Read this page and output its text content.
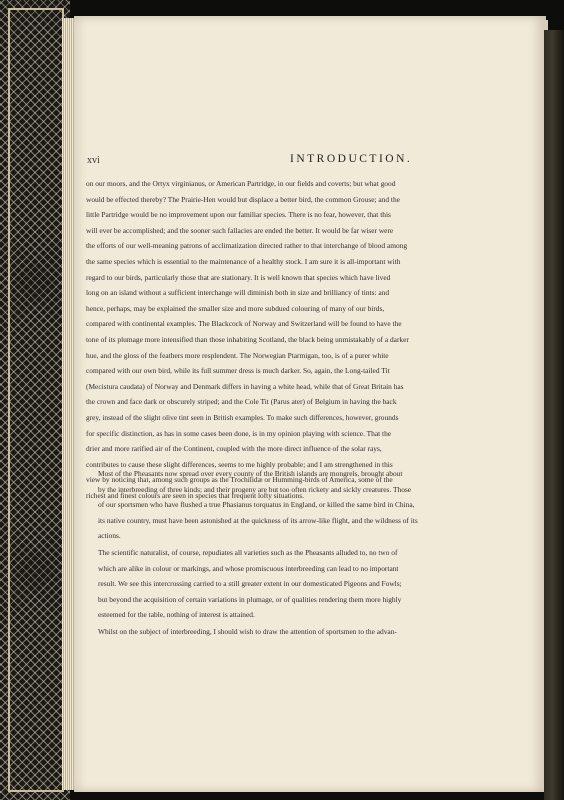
xvi	INTRODUCTION.
on our moors, and the Ortyx virginianus, or American Partridge, in our fields and coverts; but what good
would be effected thereby? The Prairie-Hen would but displace a better bird, the common Grouse; and the
little Partridge would be no improvement upon our familiar species. There is no fear, however, that this
will ever be accomplished; and the sooner such fallacies are ended the better. It would be far wiser were
the efforts of our well-meaning patrons of acclimatization directed rather to that interchange of blood among
the same species which is essential to the maintenance of a healthy stock. I am sure it is all-important with
regard to our birds, particularly those that are stationary. It is well known that species which have lived
long on an island without a sufficient interchange will diminish both in size and brilliancy of tints: and
hence, perhaps, may be explained the smaller size and more subdued colouring of many of our birds,
compared with continental examples. The Blackcock of Norway and Switzerland will be found to have the
tone of its plumage more intensified than those inhabiting Scotland, the black being unmistakably of a darker
hue, and the gloss of the feathers more resplendent. The Norwegian Ptarmigan, too, is of a purer white
compared with our own bird, while its full summer dress is much darker. So, again, the Long-tailed Tit
(Mecistura caudata) of Norway and Denmark differs in having a white head, while that of Great Britain has
the crown and face dark or obscurely striped; and the Cole Tit (Parus ater) of Belgium in having the back
grey, instead of the slight olive tint seen in British examples. To make such differences, however, grounds
for specific distinction, as has in some cases been done, is in my opinion playing with science. That the
drier and more rarified air of the Continent, coupled with the more direct influence of the solar rays,
contributes to cause these slight differences, seems to me highly probable; and I am strengthened in this
view by noticing that, among such groups as the Trochilidæ or Humming-birds of America, some of the
richest and finest colours are seen in species that frequent lofty situations.
Most of the Pheasants now spread over every county of the British islands are mongrels, brought about
by the interbreeding of three kinds; and their progeny are but too often rickety and sickly creatures. Those
of our sportsmen who have flushed a true Phasianus torquatus in England, or killed the same bird in China,
its native country, must have been astonished at the quickness of its arrow-like flight, and the wildness of its
actions.
The scientific naturalist, of course, repudiates all varieties such as the Pheasants alluded to, no two of
which are alike in colour or markings, and whose promiscuous interbreeding can lead to no important
result. We see this intercrossing carried to a still greater extent in our domesticated Pigeons and Fowls;
but beyond the acquisition of certain variations in plumage, or of qualities rendering them more highly
esteemed for the table, nothing of interest is attained.
Whilst on the subject of interbreeding, I should wish to draw the attention of sportsmen to the advan-
